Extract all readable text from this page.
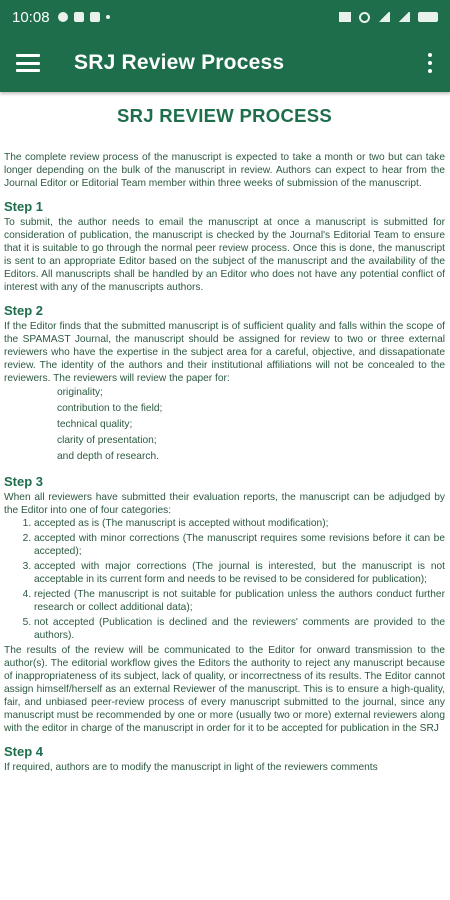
10:08
SRJ Review Process
SRJ REVIEW PROCESS

The complete review process of the manuscript is expected to take a month or two but can take longer depending on the bulk of the manuscript in review. Authors can expect to hear from the Journal Editor or Editorial Team member within three weeks of submission of the manuscript.

Step 1

To submit, the author needs to email the manuscript at once a manuscript is submitted for consideration of publication, the manuscript is checked by the Journal's Editorial Team to ensure that it is suitable to go through the normal peer review process. Once this is done, the manuscript is sent to an appropriate Editor based on the subject of the manuscript and the availability of the Editors. All manuscripts shall be handled by an Editor who does not have any potential conflict of interest with any of the manuscripts authors.

Step 2

If the Editor finds that the submitted manuscript is of sufficient quality and falls within the scope of the SPAMAST Journal, the manuscript should be assigned for review to two or three external reviewers who have the expertise in the subject area for a careful, objective, and dissapationate review. The identity of the authors and their institutional affiliations will not be concealed to the reviewers. The reviewers will review the paper for:

originality;
contribution to the field;
technical quality;
clarity of presentation;
and depth of research.
Step 3

When all reviewers have submitted their evaluation reports, the manuscript can be adjudged by the Editor into one of four categories:

1. accepted as is (The manuscript is accepted without modification);
2. accepted with minor corrections (The manuscript requires some revisions before it can be accepted);
3. accepted with major corrections (The journal is interested, but the manuscript is not acceptable in its current form and needs to be revised to be considered for publication);
4. rejected (The manuscript is not suitable for publication unless the authors conduct further research or collect additional data);
5. not accepted (Publication is declined and the reviewers' comments are provided to the authors).

The results of the review will be communicated to the Editor for onward transmission to the author(s). The editorial workflow gives the Editors the authority to reject any manuscript because of inappropriateness of its subject, lack of quality, or incorrectness of its results. The Editor cannot assign himself/herself as an external Reviewer of the manuscript. This is to ensure a high-quality, fair, and unbiased peer-review process of every manuscript submitted to the journal, since any manuscript must be recommended by one or more (usually two or more) external reviewers along with the editor in charge of the manuscript in order for it to be accepted for publication in the SRJ

Step 4

If required, authors are to modify the manuscript in light of the reviewers comments
